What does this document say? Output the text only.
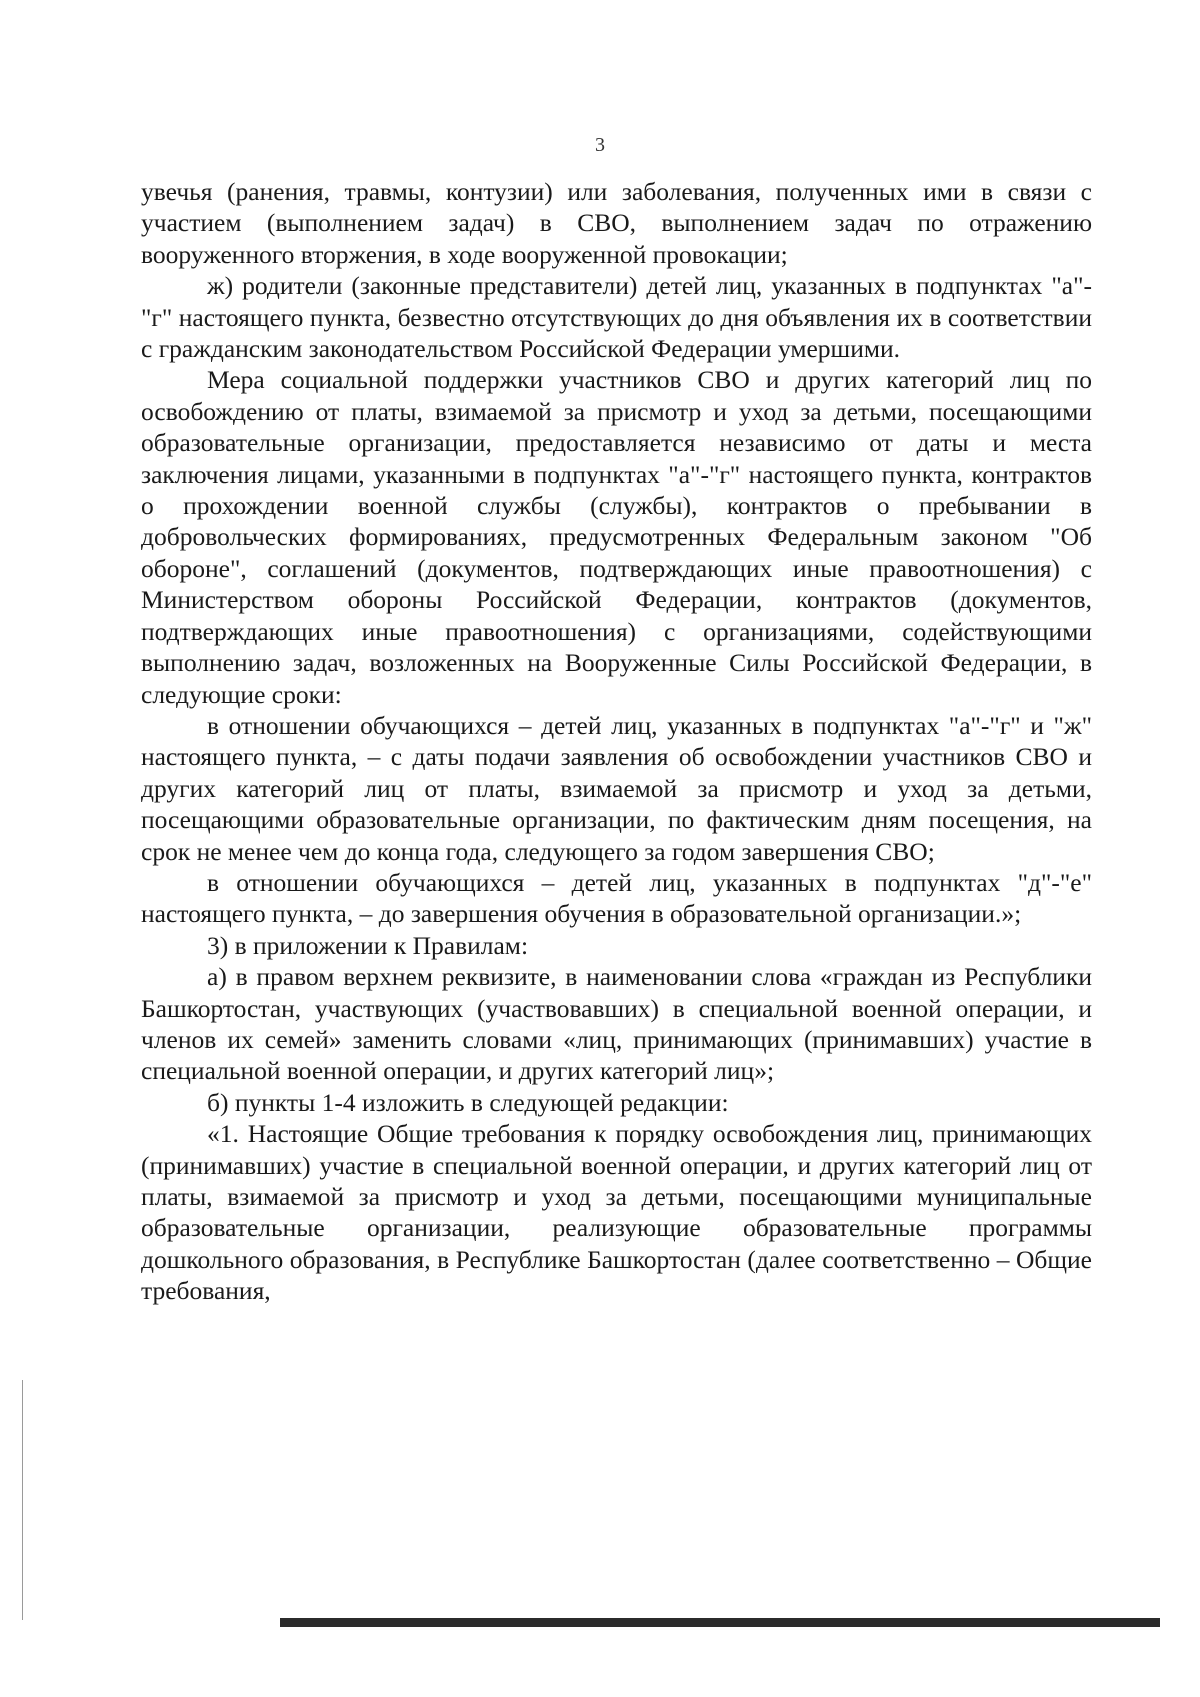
3

увечья (ранения, травмы, контузии) или заболевания, полученных ими в связи с участием (выполнением задач) в СВО, выполнением задач по отражению вооруженного вторжения, в ходе вооруженной провокации;

ж) родители (законные представители) детей лиц, указанных в подпунктах "а"-"г" настоящего пункта, безвестно отсутствующих до дня объявления их в соответствии с гражданским законодательством Российской Федерации умершими.

Мера социальной поддержки участников СВО и других категорий лиц по освобождению от платы, взимаемой за присмотр и уход за детьми, посещающими образовательные организации, предоставляется независимо от даты и места заключения лицами, указанными в подпунктах "а"-"г" настоящего пункта, контрактов о прохождении военной службы (службы), контрактов о пребывании в добровольческих формированиях, предусмотренных Федеральным законом "Об обороне", соглашений (документов, подтверждающих иные правоотношения) с Министерством обороны Российской Федерации, контрактов (документов, подтверждающих иные правоотношения) с организациями, содействующими выполнению задач, возложенных на Вооруженные Силы Российской Федерации, в следующие сроки:

в отношении обучающихся – детей лиц, указанных в подпунктах "а"-"г" и "ж" настоящего пункта, – с даты подачи заявления об освобождении участников СВО и других категорий лиц от платы, взимаемой за присмотр и уход за детьми, посещающими образовательные организации, по фактическим дням посещения, на срок не менее чем до конца года, следующего за годом завершения СВО;

в отношении обучающихся – детей лиц, указанных в подпунктах "д"-"е" настоящего пункта, – до завершения обучения в образовательной организации.»;

3) в приложении к Правилам:

а) в правом верхнем реквизите, в наименовании слова «граждан из Республики Башкортостан, участвующих (участвовавших) в специальной военной операции, и членов их семей» заменить словами «лиц, принимающих (принимавших) участие в специальной военной операции, и других категорий лиц»;

б) пункты 1-4 изложить в следующей редакции:

«1. Настоящие Общие требования к порядку освобождения лиц, принимающих (принимавших) участие в специальной военной операции, и других категорий лиц от платы, взимаемой за присмотр и уход за детьми, посещающими муниципальные образовательные организации, реализующие образовательные программы дошкольного образования, в Республике Башкортостан (далее соответственно – Общие требования,
